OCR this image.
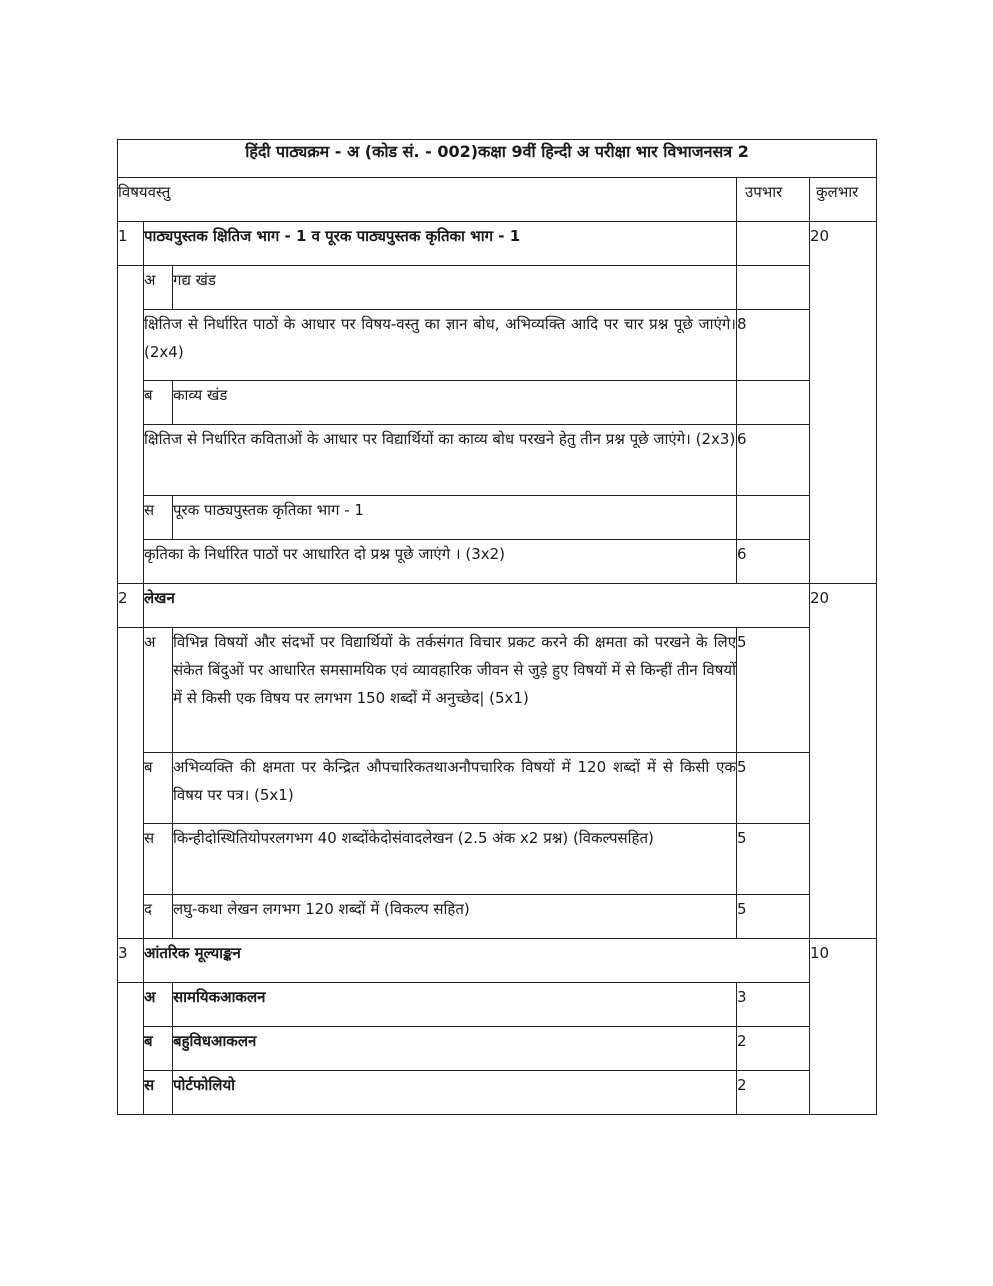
हिंदी पाठ्यक्रम - अ (कोड सं. - 002)कक्षा 9वीं हिन्दी अ परीक्षा भार विभाजनसत्र 2				
विषयवस्तु			उपभार	कुलभार
1	पाठ्यपुस्तक क्षितिज भाग - 1 व पूरक पाठ्यपुस्तक कृतिका भाग - 1			20
	अ	गद्य खंड		
	क्षितिज से निर्धारित पाठों के आधार पर विषय-वस्तु का ज्ञान बोध, अभिव्यक्ति आदि पर चार प्रश्न पूछे जाएंगे। (2x4)		8	
	ब	काव्य खंड		
	क्षितिज से निर्धारित कविताओं के आधार पर विद्यार्थियों का काव्य बोध परखने हेतु तीन प्रश्न पूछे जाएंगे। (2x3)		6	
	स	पूरक पाठ्यपुस्तक कृतिका भाग - 1		
	कृतिका के निर्धारित पाठों पर आधारित दो प्रश्न पूछे जाएंगे । (3x2)		6	
2	लेखन			20
	अ	विभिन्न विषयों और संदर्भो पर विद्यार्थियों के तर्कसंगत विचार प्रकट करने की क्षमता को परखने के लिए संकेत बिंदुओं पर आधारित समसामयिक एवं व्यावहारिक जीवन से जुड़े हुए विषयों में से किन्हीं तीन विषयों में से किसी एक विषय पर लगभग 150 शब्दों में अनुच्छेद| (5x1)	5	
	ब	अभिव्यक्ति की क्षमता पर केन्द्रित औपचारिकतथाअनौपचारिक विषयों में 120 शब्दों में से किसी एक विषय पर पत्र। (5x1)	5	
	स	किन्हीदोस्थितियोपरलगभग 40 शब्दोंकेदोसंवादलेखन (2.5 अंक x2 प्रश्न) (विकल्पसहित)	5	
	द	लघु-कथा लेखन लगभग 120 शब्दों में (विकल्प सहित)	5	
3	आंतरिक मूल्याङ्कन			10
	अ	सामयिकआकलन	3	
	ब	बहुविधआकलन	2	
	स	पोर्टफोलियो	2	
